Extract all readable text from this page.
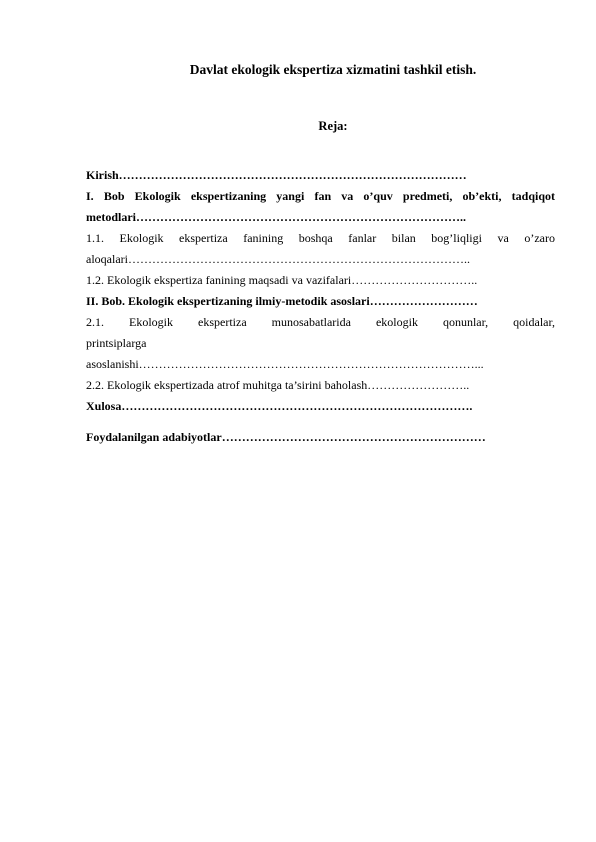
Davlat ekologik ekspertiza xizmatini tashkil etish.
Reja:
Kirish……………………………………………………………………………
I. Bob Ekologik ekspertizaning yangi fan va o’quv predmeti, ob’ekti, tadqiqot
metodlari………………………………………………………………………..
1.1. Ekologik ekspertiza fanining boshqa fanlar bilan bog’liqligi va o’zaro
aloqalari…………………………………………………………………………..
1.2. Ekologik ekspertiza fanining maqsadi va vazifalari…………………………..
II. Bob. Ekologik ekspertizaning ilmiy-metodik asoslari………………………
2.1. Ekologik ekspertiza munosabatlarida ekologik qonunlar, qoidalar,
printsiplarga
asoslanishi…………………………………………………………………………...
2.2. Ekologik ekspertizada atrof muhitga ta’sirini baholash……………………..
Xulosa…………………………………………………………………………….
Foydalanilgan adabiyotlar…………………………………………………………
